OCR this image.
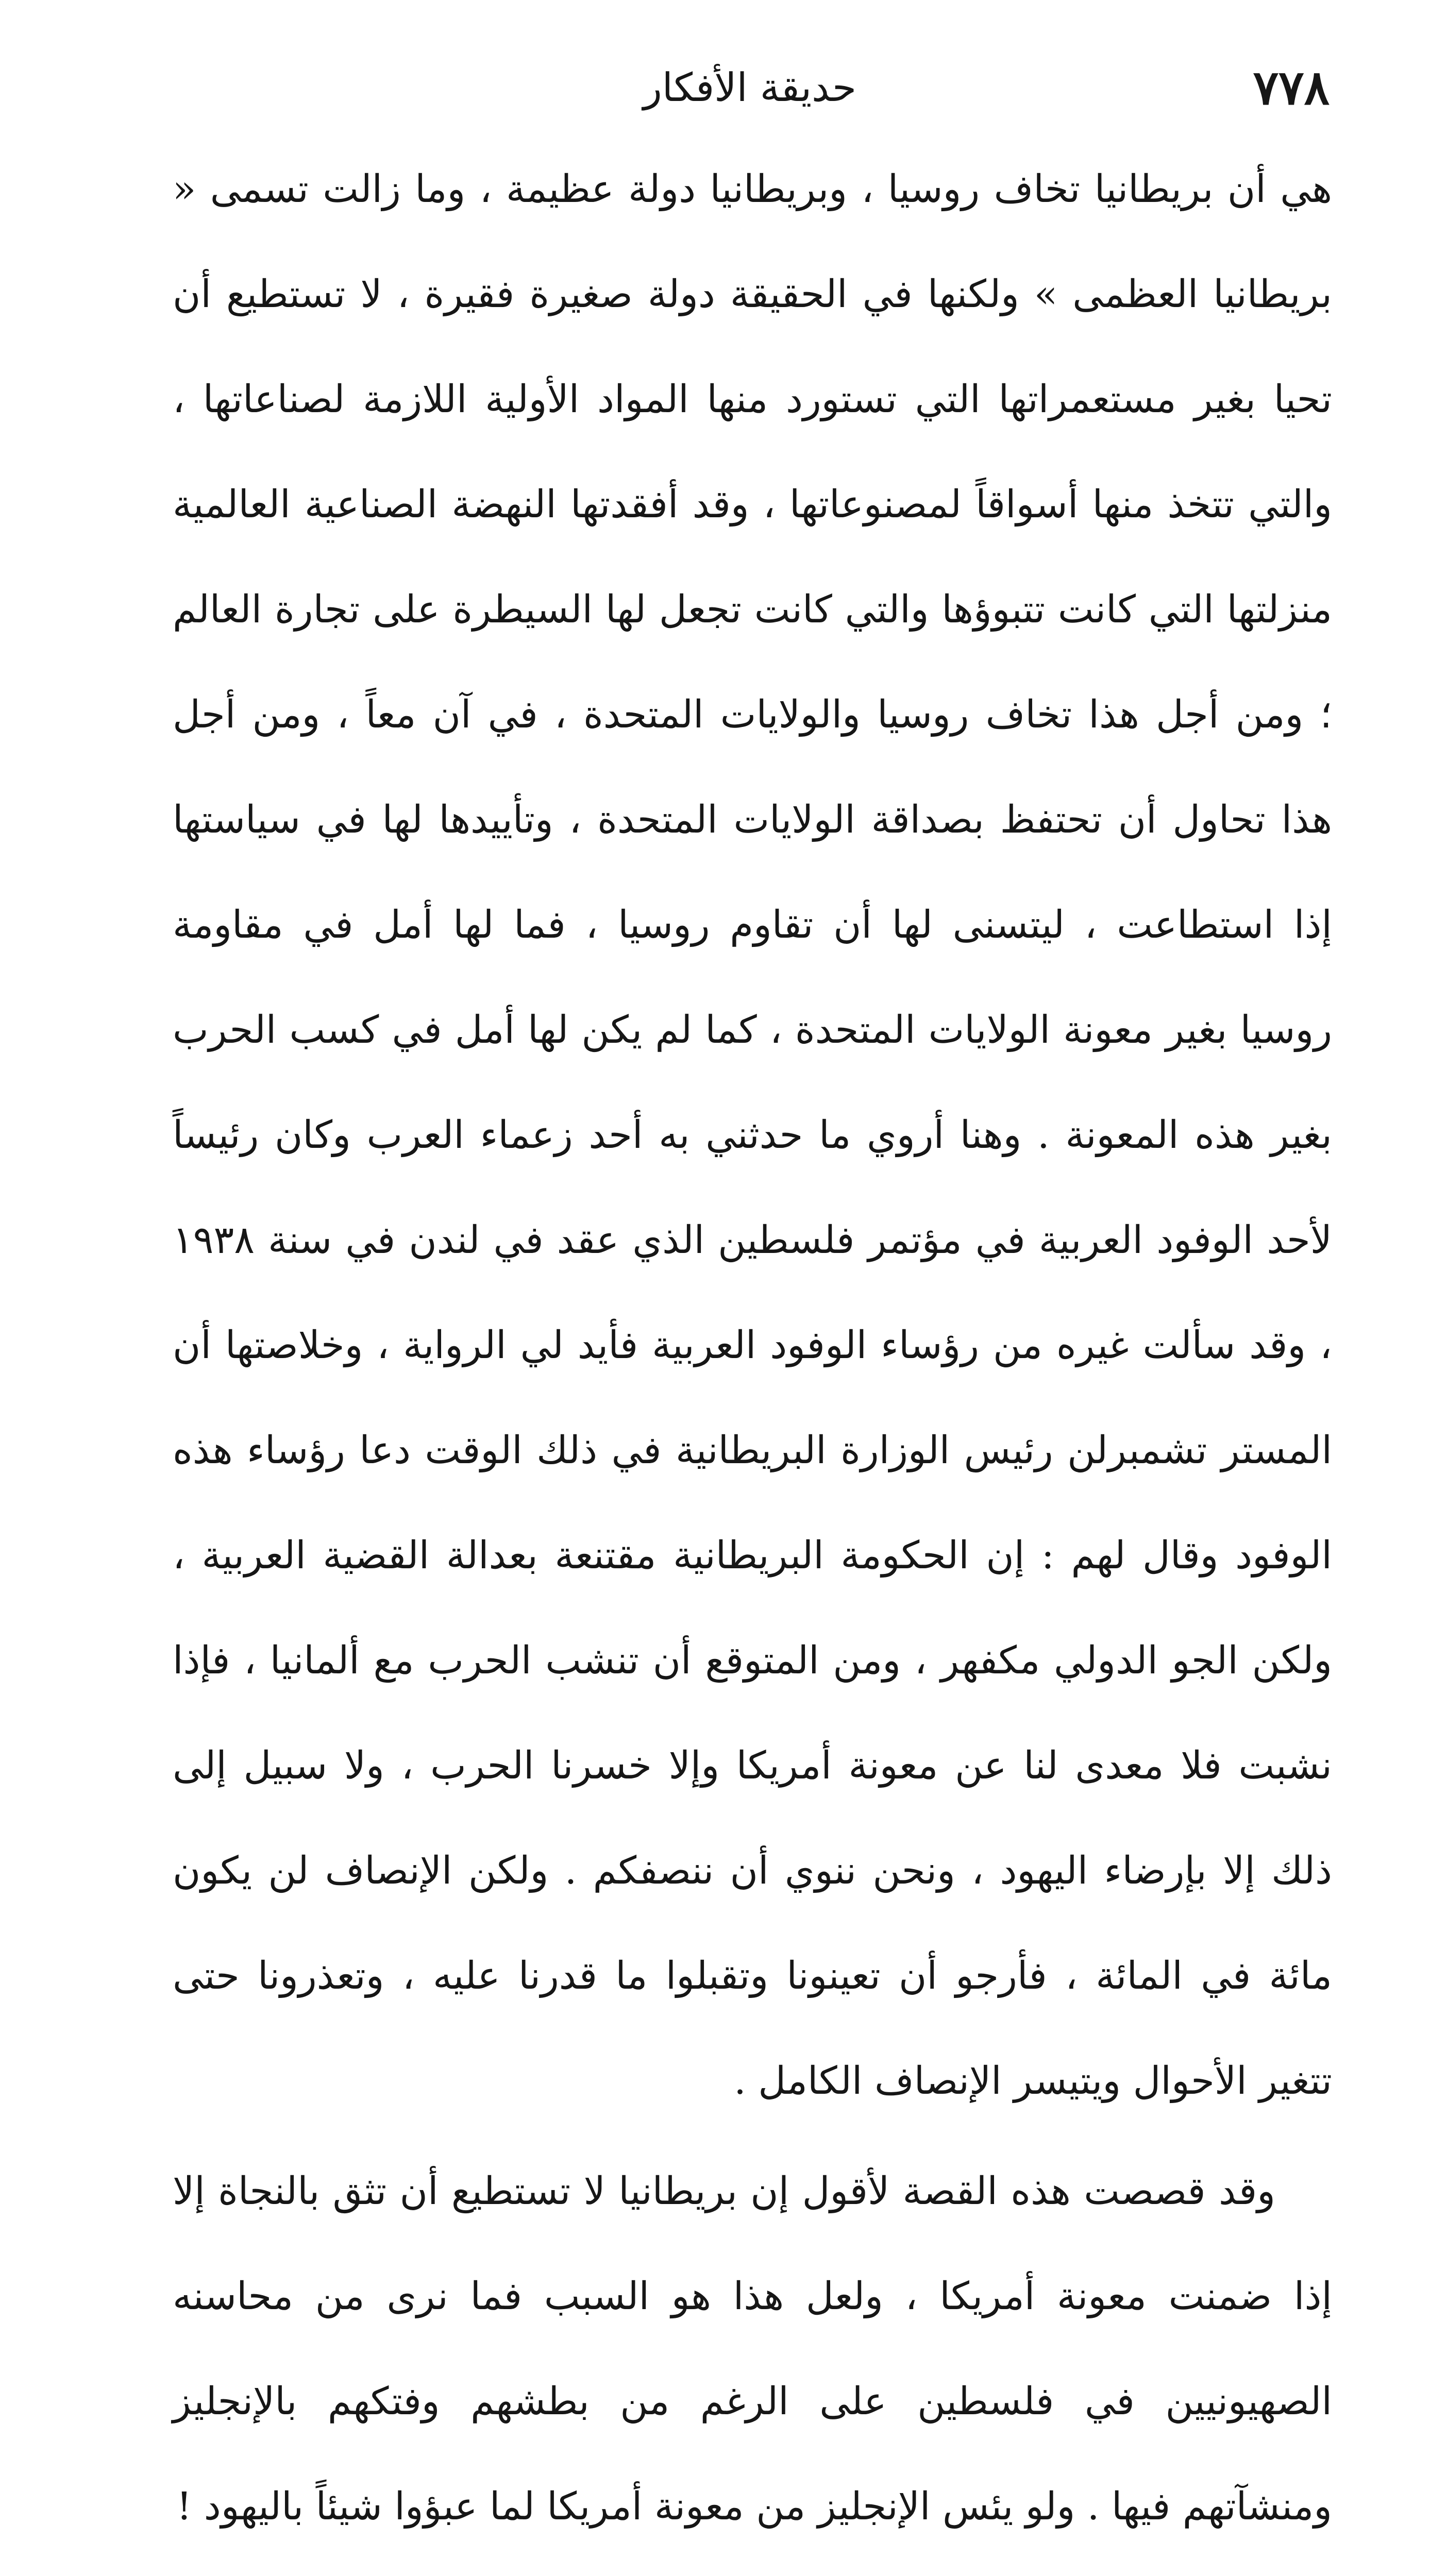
٧٧٨
حديقة الأفكار

هي أن بريطانيا تخاف روسيا ، وبريطانيا دولة عظيمة ، وما زالت تسمى « بريطانيا العظمى » ولكنها في الحقيقة دولة صغيرة فقيرة ، لا تستطيع أن تحيا بغير مستعمراتها التي تستورد منها المواد الأولية اللازمة لصناعاتها ، والتي تتخذ منها أسواقاً لمصنوعاتها ، وقد أفقدتها النهضة الصناعية العالمية منزلتها التي كانت تتبوؤها والتي كانت تجعل لها السيطرة على تجارة العالم ؛ ومن أجل هذا تخاف روسيا والولايات المتحدة ، في آن معاً ، ومن أجل هذا تحاول أن تحتفظ بصداقة الولايات المتحدة ، وتأييدها لها في سياستها إذا استطاعت ، ليتسنى لها أن تقاوم روسيا ، فما لها أمل في مقاومة روسيا بغير معونة الولايات المتحدة ، كما لم يكن لها أمل في كسب الحرب بغير هذه المعونة . وهنا أروي ما حدثني به أحد زعماء العرب وكان رئيساً لأحد الوفود العربية في مؤتمر فلسطين الذي عقد في لندن في سنة ١٩٣٨ ، وقد سألت غيره من رؤساء الوفود العربية فأيد لي الرواية ، وخلاصتها أن المستر تشمبرلن رئيس الوزارة البريطانية في ذلك الوقت دعا رؤساء هذه الوفود وقال لهم : إن الحكومة البريطانية مقتنعة بعدالة القضية العربية ، ولكن الجو الدولي مكفهر ، ومن المتوقع أن تنشب الحرب مع ألمانيا ، فإذا نشبت فلا معدى لنا عن معونة أمريكا وإلا خسرنا الحرب ، ولا سبيل إلى ذلك إلا بإرضاء اليهود ، ونحن ننوي أن ننصفكم . ولكن الإنصاف لن يكون مائة في المائة ، فأرجو أن تعينونا وتقبلوا ما قدرنا عليه ، وتعذرونا حتى تتغير الأحوال ويتيسر الإنصاف الكامل .

وقد قصصت هذه القصة لأقول إن بريطانيا لا تستطيع أن تثق بالنجاة إلا إذا ضمنت معونة أمريكا ، ولعل هذا هو السبب فما نرى من محاسنه الصهيونيين في فلسطين على الرغم من بطشهم وفتكهم بالإنجليز ومنشآتهم فيها . ولو يئس الإنجليز من معونة أمريكا لما عبؤوا شيئاً باليهود !
